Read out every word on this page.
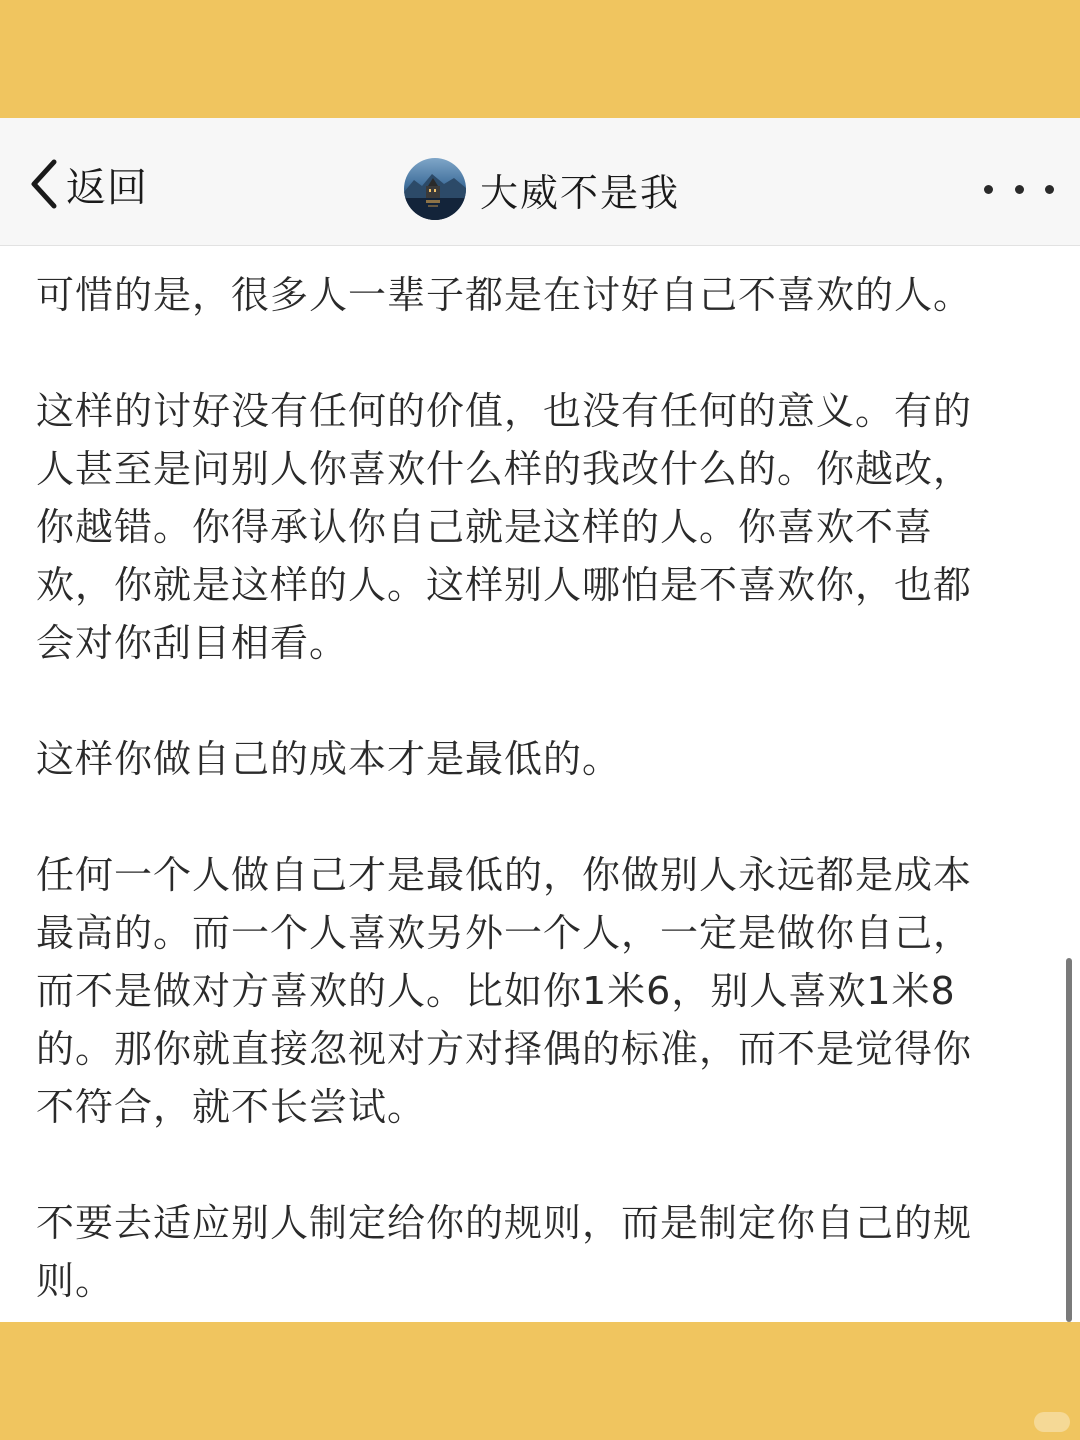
返回	大威不是我

可惜的是，很多人一辈子都是在讨好自己不喜欢的人。

这样的讨好没有任何的价值，也没有任何的意义。有的
人甚至是问别人你喜欢什么样的我改什么的。你越改，
你越错。你得承认你自己就是这样的人。你喜欢不喜
欢，你就是这样的人。这样别人哪怕是不喜欢你，也都
会对你刮目相看。

这样你做自己的成本才是最低的。

任何一个人做自己才是最低的，你做别人永远都是成本
最高的。而一个人喜欢另外一个人，一定是做你自己，
而不是做对方喜欢的人。比如你1米6，别人喜欢1米8
的。那你就直接忽视对方对择偶的标准，而不是觉得你
不符合，就不长尝试。

不要去适应别人制定给你的规则，而是制定你自己的规
则。
